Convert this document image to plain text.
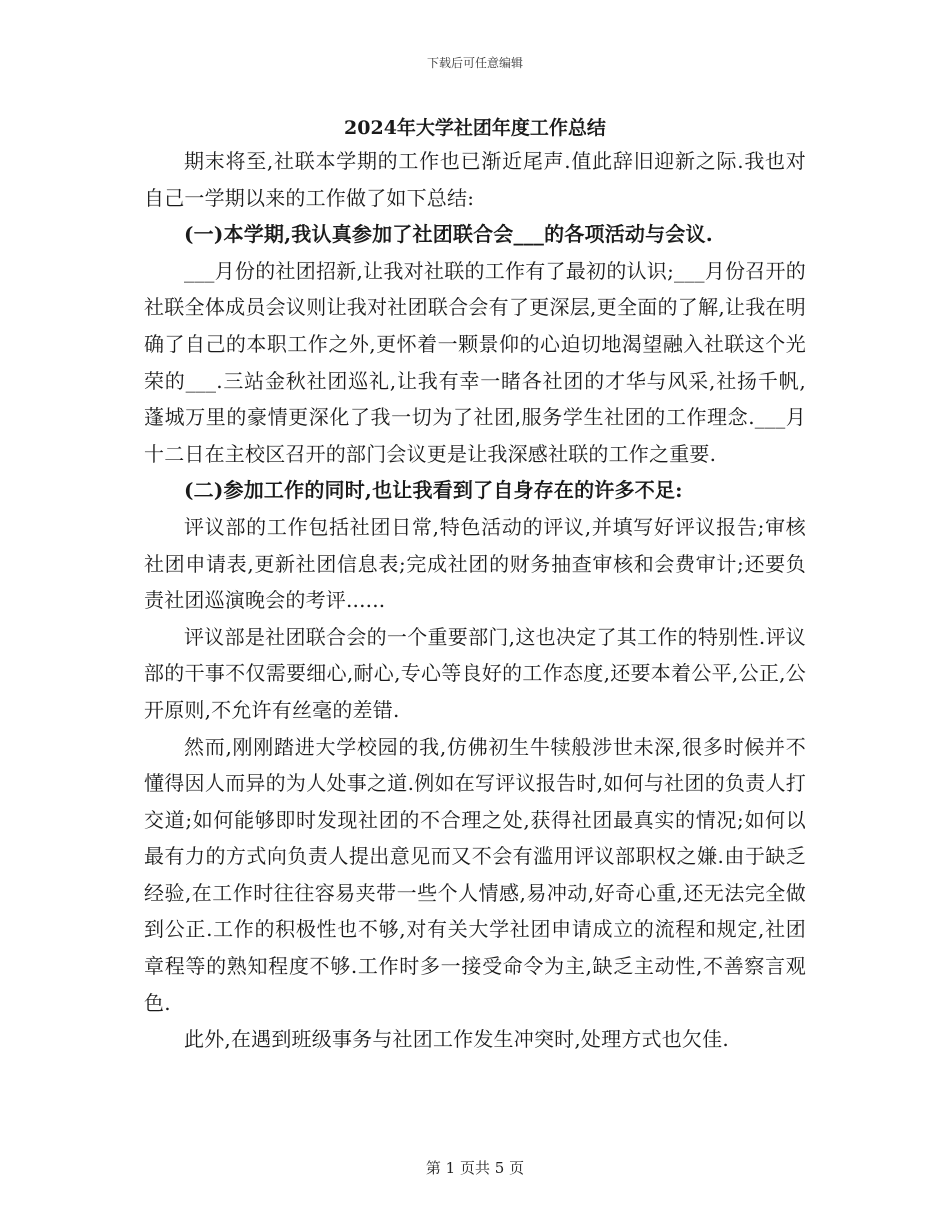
下载后可任意编辑
2024年大学社团年度工作总结

期末将至,社联本学期的工作也已渐近尾声.值此辞旧迎新之际.我也对自己一学期以来的工作做了如下总结:

(一)本学期,我认真参加了社团联合会___的各项活动与会议.

___月份的社团招新,让我对社联的工作有了最初的认识;___月份召开的社联全体成员会议则让我对社团联合会有了更深层,更全面的了解,让我在明确了自己的本职工作之外,更怀着一颗景仰的心迫切地渴望融入社联这个光荣的___.三站金秋社团巡礼,让我有幸一睹各社团的才华与风采,社扬千帆,蓬城万里的豪情更深化了我一切为了社团,服务学生社团的工作理念.___月十二日在主校区召开的部门会议更是让我深感社联的工作之重要.

(二)参加工作的同时,也让我看到了自身存在的许多不足:

评议部的工作包括社团日常,特色活动的评议,并填写好评议报告;审核社团申请表,更新社团信息表;完成社团的财务抽查审核和会费审计;还要负责社团巡演晚会的考评......

评议部是社团联合会的一个重要部门,这也决定了其工作的特别性.评议部的干事不仅需要细心,耐心,专心等良好的工作态度,还要本着公平,公正,公开原则,不允许有丝毫的差错.

然而,刚刚踏进大学校园的我,仿佛初生牛犊般涉世未深,很多时候并不懂得因人而异的为人处事之道.例如在写评议报告时,如何与社团的负责人打交道;如何能够即时发现社团的不合理之处,获得社团最真实的情况;如何以最有力的方式向负责人提出意见而又不会有滥用评议部职权之嫌.由于缺乏经验,在工作时往往容易夹带一些个人情感,易冲动,好奇心重,还无法完全做到公正.工作的积极性也不够,对有关大学社团申请成立的流程和规定,社团章程等的熟知程度不够.工作时多一接受命令为主,缺乏主动性,不善察言观色.

此外,在遇到班级事务与社团工作发生冲突时,处理方式也欠佳.

第 1 页共 5 页
